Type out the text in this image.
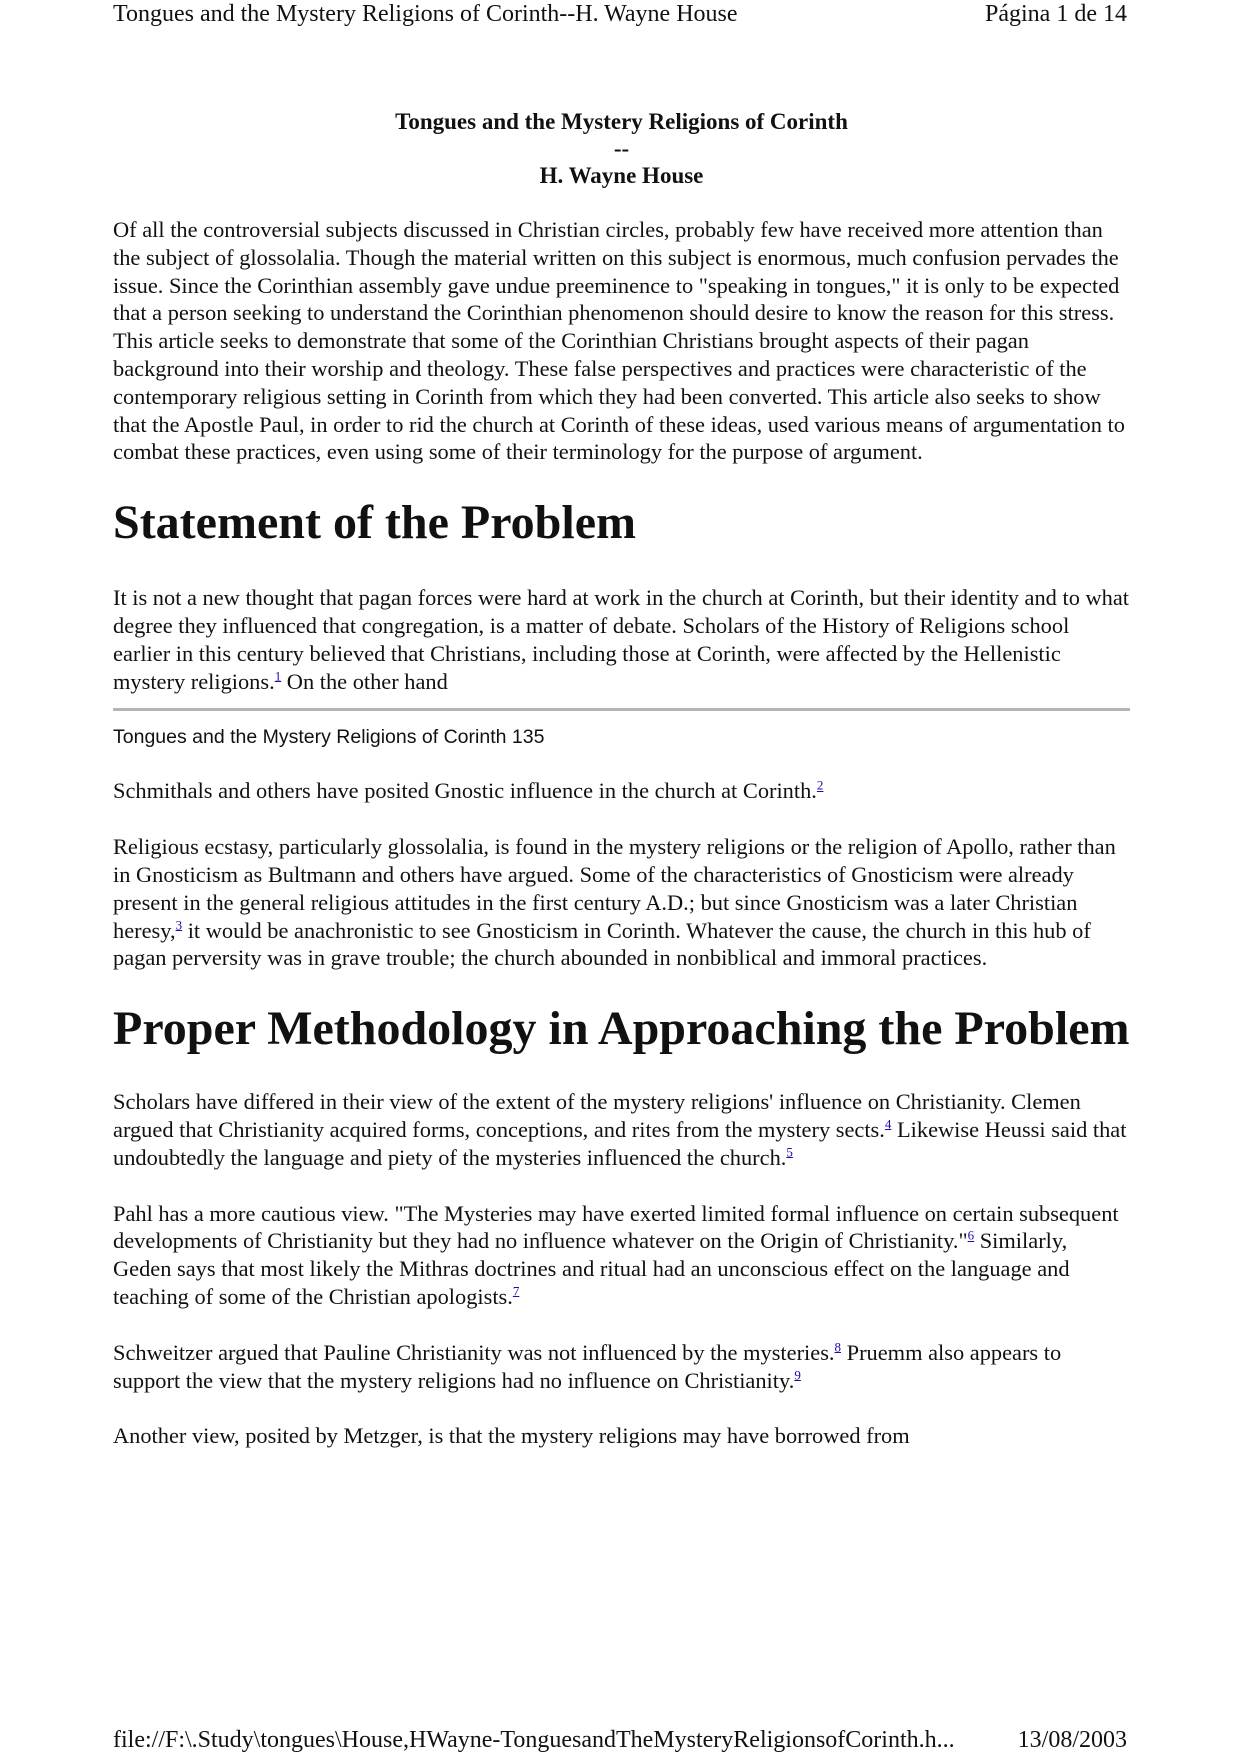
Tongues and the Mystery Religions of Corinth--H. Wayne House	Página 1 de 14
Tongues and the Mystery Religions of Corinth
--
H. Wayne House

Of all the controversial subjects discussed in Christian circles, probably few have received more attention than the subject of glossolalia. Though the material written on this subject is enormous, much confusion pervades the issue. Since the Corinthian assembly gave undue preeminence to "speaking in tongues," it is only to be expected that a person seeking to understand the Corinthian phenomenon should desire to know the reason for this stress. This article seeks to demonstrate that some of the Corinthian Christians brought aspects of their pagan background into their worship and theology. These false perspectives and practices were characteristic of the contemporary religious setting in Corinth from which they had been converted. This article also seeks to show that the Apostle Paul, in order to rid the church at Corinth of these ideas, used various means of argumentation to combat these practices, even using some of their terminology for the purpose of argument.

Statement of the Problem

It is not a new thought that pagan forces were hard at work in the church at Corinth, but their identity and to what degree they influenced that congregation, is a matter of debate. Scholars of the History of Religions school earlier in this century believed that Christians, including those at Corinth, were affected by the Hellenistic mystery religions.$^1$ On the other hand

Tongues and the Mystery Religions of Corinth 135

Schmithals and others have posited Gnostic influence in the church at Corinth.$^2$

Religious ecstasy, particularly glossolalia, is found in the mystery religions or the religion of Apollo, rather than in Gnosticism as Bultmann and others have argued. Some of the characteristics of Gnosticism were already present in the general religious attitudes in the first century A.D.; but since Gnosticism was a later Christian heresy,$^3$ it would be anachronistic to see Gnosticism in Corinth. Whatever the cause, the church in this hub of pagan perversity was in grave trouble; the church abounded in nonbiblical and immoral practices.

Proper Methodology in Approaching the Problem

Scholars have differed in their view of the extent of the mystery religions' influence on Christianity. Clemen argued that Christianity acquired forms, conceptions, and rites from the mystery sects.$^4$ Likewise Heussi said that undoubtedly the language and piety of the mysteries influenced the church.$^5$

Pahl has a more cautious view. "The Mysteries may have exerted limited formal influence on certain subsequent developments of Christianity but they had no influence whatever on the Origin of Christianity."$^6$ Similarly, Geden says that most likely the Mithras doctrines and ritual had an unconscious effect on the language and teaching of some of the Christian apologists.$^7$

Schweitzer argued that Pauline Christianity was not influenced by the mysteries.$^8$ Pruemm also appears to support the view that the mystery religions had no influence on Christianity.$^9$

Another view, posited by Metzger, is that the mystery religions may have borrowed from

file://F:\.Study\tongues\House,HWayne-TonguesandTheMysteryReligionsofCorinth.h...	13/08/2003
